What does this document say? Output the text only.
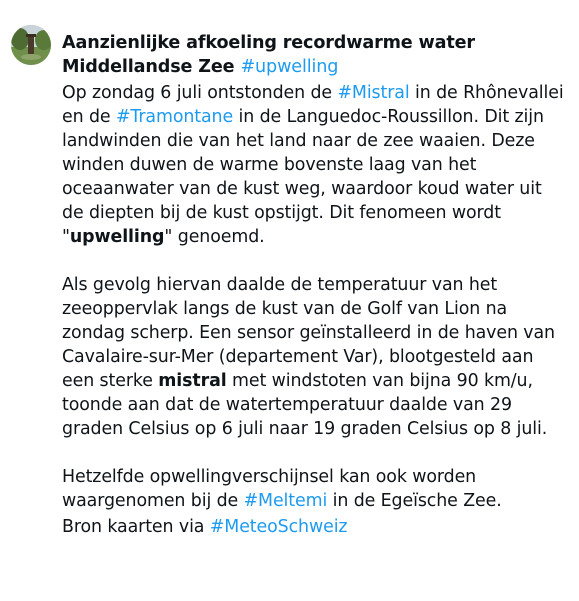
Aanzienlijke afkoeling recordwarme water Middellandse Zee #upwelling

Op zondag 6 juli ontstonden de #Mistral in de Rhônevallei en de #Tramontane in de Languedoc-Roussillon. Dit zijn landwinden die van het land naar de zee waaien. Deze winden duwen de warme bovenste laag van het oceaanwater van de kust weg, waardoor koud water uit de diepten bij de kust opstijgt. Dit fenomeen wordt "upwelling" genoemd.

Als gevolg hiervan daalde de temperatuur van het zeeoppervlak langs de kust van de Golf van Lion na zondag scherp. Een sensor geïnstalleerd in de haven van Cavalaire-sur-Mer (departement Var), blootgesteld aan een sterke mistral met windstoten van bijna 90 km/u, toonde aan dat de watertemperatuur daalde van 29 graden Celsius op 6 juli naar 19 graden Celsius op 8 juli.

Hetzelfde opwellingverschijnsel kan ook worden waargenomen bij de #Meltemi in de Egeïsche Zee.

Bron kaarten via #MeteoSchweiz
